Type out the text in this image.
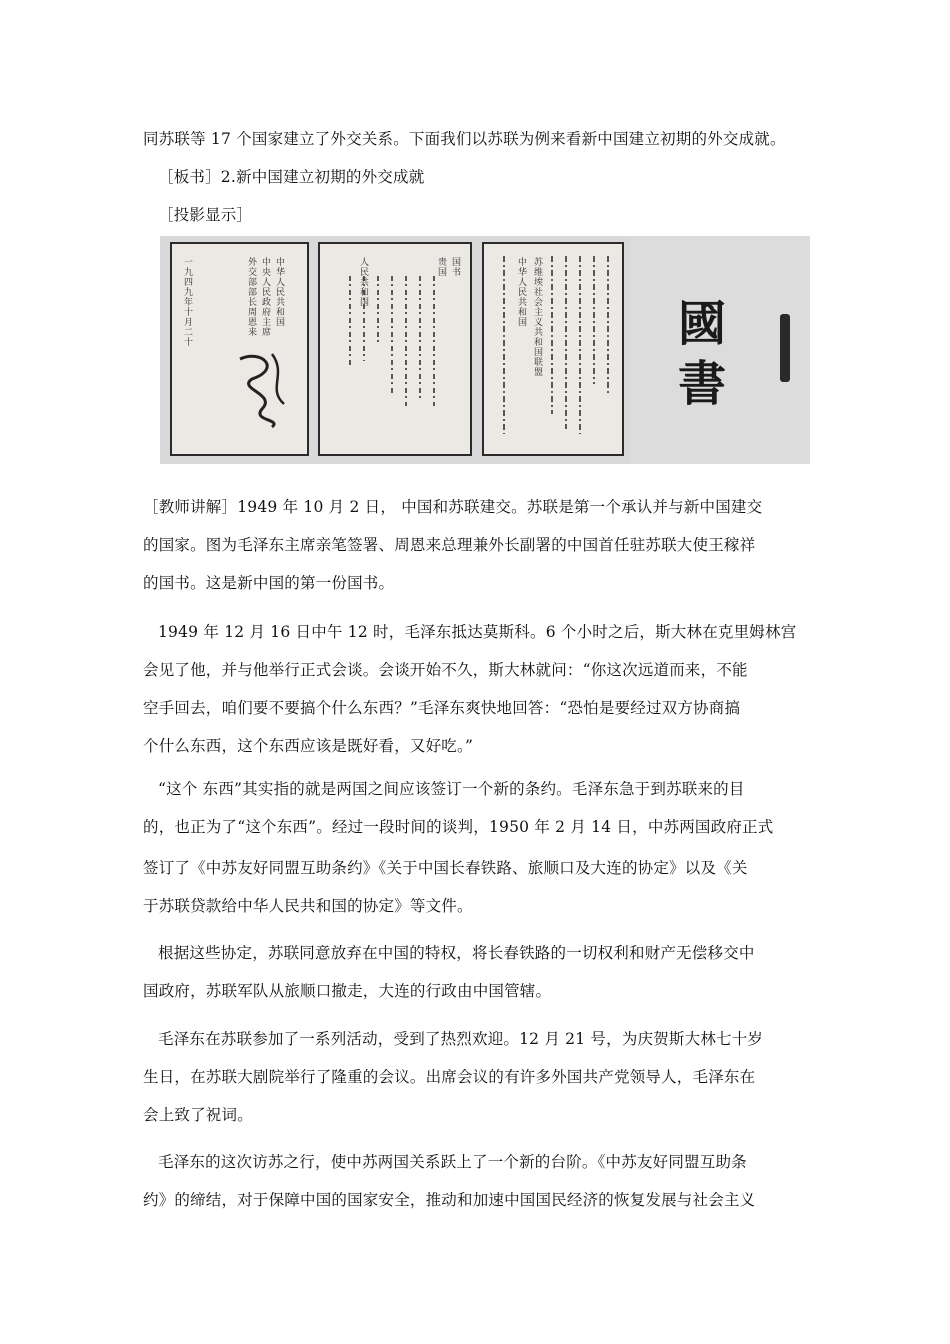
同苏联等 17 个国家建立了外交关系。下面我们以苏联为例来看新中国建立初期的外交成就。
［板书］2.新中国建立初期的外交成就
［投影显示］
一九四九年十月二十
中华人民共和国
中央人民政府主席
外交部部长周恩来
国书
贵国
人民共和国
苏维埃社会主义共和国联盟
中华人民共和国	國
書
［教师讲解］1949 年 10 月 2 日， 中国和苏联建交。苏联是第一个承认并与新中国建交
的国家。图为毛泽东主席亲笔签署、周恩来总理兼外长副署的中国首任驻苏联大使王稼祥
的国书。这是新中国的第一份国书。
1949 年 12 月 16 日中午 12 时，毛泽东抵达莫斯科。6 个小时之后，斯大林在克里姆林宫
会见了他，并与他举行正式会谈。会谈开始不久，斯大林就问：“你这次远道而来，不能
空手回去，咱们要不要搞个什么东西？”毛泽东爽快地回答：“恐怕是要经过双方协商搞
个什么东西，这个东西应该是既好看，又好吃。”
“这个 东西”其实指的就是两国之间应该签订一个新的条约。毛泽东急于到苏联来的目
的，也正为了“这个东西”。经过一段时间的谈判，1950 年 2 月 14 日，中苏两国政府正式
签订了《中苏友好同盟互助条约》《关于中国长春铁路、旅顺口及大连的协定》以及《关
于苏联贷款给中华人民共和国的协定》等文件。
根据这些协定，苏联同意放弃在中国的特权，将长春铁路的一切权利和财产无偿移交中
国政府，苏联军队从旅顺口撤走，大连的行政由中国管辖。
毛泽东在苏联参加了一系列活动，受到了热烈欢迎。12 月 21 号，为庆贺斯大林七十岁
生日，在苏联大剧院举行了隆重的会议。出席会议的有许多外国共产党领导人，毛泽东在
会上致了祝词。
毛泽东的这次访苏之行，使中苏两国关系跃上了一个新的台阶。《中苏友好同盟互助条
约》的缔结，对于保障中国的国家安全，推动和加速中国国民经济的恢复发展与社会主义
